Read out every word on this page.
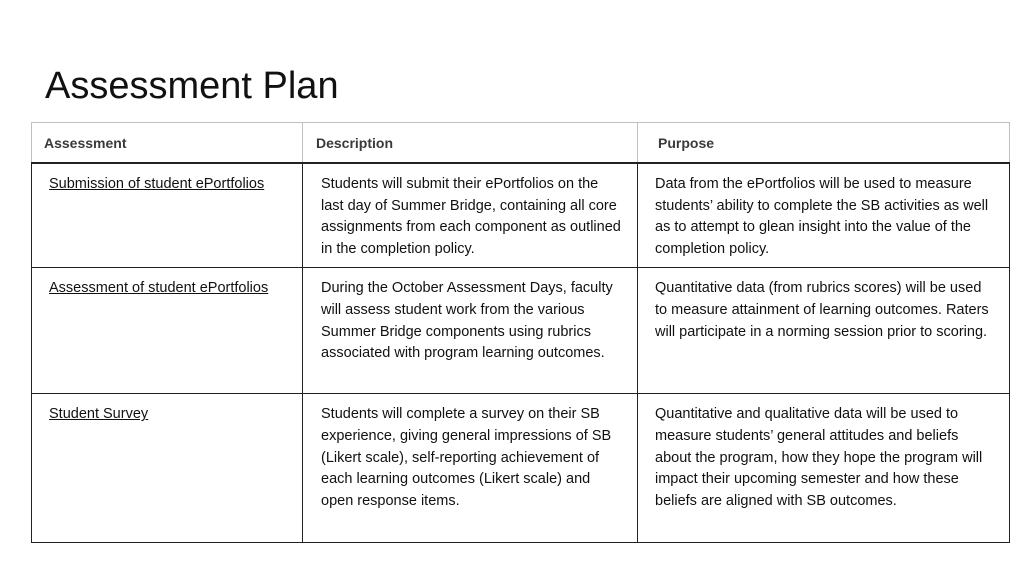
Assessment Plan
Assessment	Description	Purpose
Submission of student ePortfolios	Students will submit their ePortfolios on the last day of Summer Bridge, containing all core assignments from each component as outlined in the completion policy.	Data from the ePortfolios will be used to measure students’ ability to complete the SB activities as well as to attempt to glean insight into the value of the completion policy.
Assessment of student ePortfolios	During the October Assessment Days, faculty will assess student work from the various Summer Bridge components using rubrics associated with program learning outcomes.	Quantitative data (from rubrics scores) will be used to measure attainment of learning outcomes. Raters will participate in a norming session prior to scoring.
Student Survey	Students will complete a survey on their SB experience, giving general impressions of SB (Likert scale), self-reporting achievement of each learning outcomes (Likert scale) and open response items.	Quantitative and qualitative data will be used to measure students’ general attitudes and beliefs about the program, how they hope the program will impact their upcoming semester and how these beliefs are aligned with SB outcomes.
